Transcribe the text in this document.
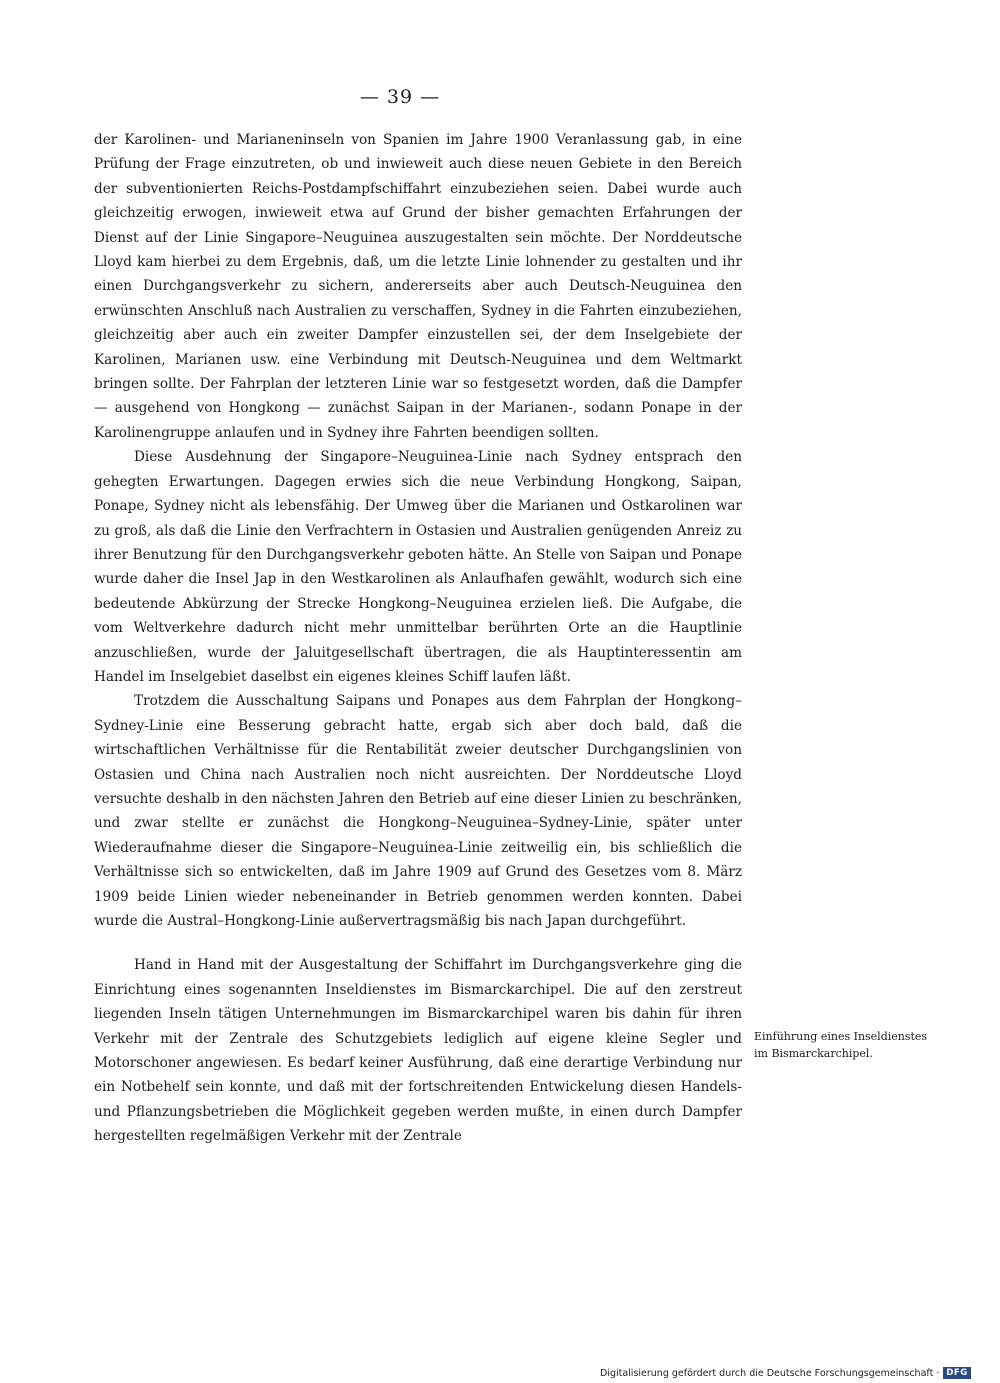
— 39 —

der Karolinen- und Marianeninseln von Spanien im Jahre 1900 Veranlassung gab, in eine Prüfung der Frage einzutreten, ob und inwieweit auch diese neuen Gebiete in den Bereich der subventionierten Reichs-Postdampfschiffahrt einzubeziehen seien. Dabei wurde auch gleichzeitig erwogen, inwieweit etwa auf Grund der bisher gemachten Erfahrungen der Dienst auf der Linie Singapore–Neuguinea auszugestalten sein möchte. Der Norddeutsche Lloyd kam hierbei zu dem Ergebnis, daß, um die letzte Linie lohnender zu gestalten und ihr einen Durchgangsverkehr zu sichern, andererseits aber auch Deutsch-Neuguinea den erwünschten Anschluß nach Australien zu verschaffen, Sydney in die Fahrten einzubeziehen, gleichzeitig aber auch ein zweiter Dampfer einzustellen sei, der dem Inselgebiete der Karolinen, Marianen usw. eine Verbindung mit Deutsch-Neuguinea und dem Weltmarkt bringen sollte. Der Fahrplan der letzteren Linie war so festgesetzt worden, daß die Dampfer — ausgehend von Hongkong — zunächst Saipan in der Marianen-, sodann Ponape in der Karolinengruppe anlaufen und in Sydney ihre Fahrten beendigen sollten.

Diese Ausdehnung der Singapore–Neuguinea-Linie nach Sydney entsprach den gehegten Erwartungen. Dagegen erwies sich die neue Verbindung Hongkong, Saipan, Ponape, Sydney nicht als lebensfähig. Der Umweg über die Marianen und Ostkarolinen war zu groß, als daß die Linie den Verfrachtern in Ostasien und Australien genügenden Anreiz zu ihrer Benutzung für den Durchgangsverkehr geboten hätte. An Stelle von Saipan und Ponape wurde daher die Insel Jap in den Westkarolinen als Anlaufhafen gewählt, wodurch sich eine bedeutende Abkürzung der Strecke Hongkong–Neuguinea erzielen ließ. Die Aufgabe, die vom Weltverkehre dadurch nicht mehr unmittelbar berührten Orte an die Hauptlinie anzuschließen, wurde der Jaluitgesellschaft übertragen, die als Hauptinteressentin am Handel im Inselgebiet daselbst ein eigenes kleines Schiff laufen läßt.

Trotzdem die Ausschaltung Saipans und Ponapes aus dem Fahrplan der Hongkong–Sydney-Linie eine Besserung gebracht hatte, ergab sich aber doch bald, daß die wirtschaftlichen Verhältnisse für die Rentabilität zweier deutscher Durchgangslinien von Ostasien und China nach Australien noch nicht ausreichten. Der Norddeutsche Lloyd versuchte deshalb in den nächsten Jahren den Betrieb auf eine dieser Linien zu beschränken, und zwar stellte er zunächst die Hongkong–Neuguinea–Sydney-Linie, später unter Wiederaufnahme dieser die Singapore–Neuguinea-Linie zeitweilig ein, bis schließlich die Verhältnisse sich so entwickelten, daß im Jahre 1909 auf Grund des Gesetzes vom 8. März 1909 beide Linien wieder nebeneinander in Betrieb genommen werden konnten. Dabei wurde die Austral–Hongkong-Linie außervertragsmäßig bis nach Japan durchgeführt.

Hand in Hand mit der Ausgestaltung der Schiffahrt im Durchgangsverkehre ging die Einrichtung eines sogenannten Inseldienstes im Bismarckarchipel. Die auf den zerstreut liegenden Inseln tätigen Unternehmungen im Bismarckarchipel waren bis dahin für ihren Verkehr mit der Zentrale des Schutzgebiets lediglich auf eigene kleine Segler und Motorschoner angewiesen. Es bedarf keiner Ausführung, daß eine derartige Verbindung nur ein Notbehelf sein konnte, und daß mit der fortschreitenden Entwickelung diesen Handels- und Pflanzungsbetrieben die Möglichkeit gegeben werden mußte, in einen durch Dampfer hergestellten regelmäßigen Verkehr mit der Zentrale

Einführung eines Inseldienstes im Bismarckarchipel.
Digitalisierung gefördert durch die Deutsche Forschungsgemeinschaft · DFG
